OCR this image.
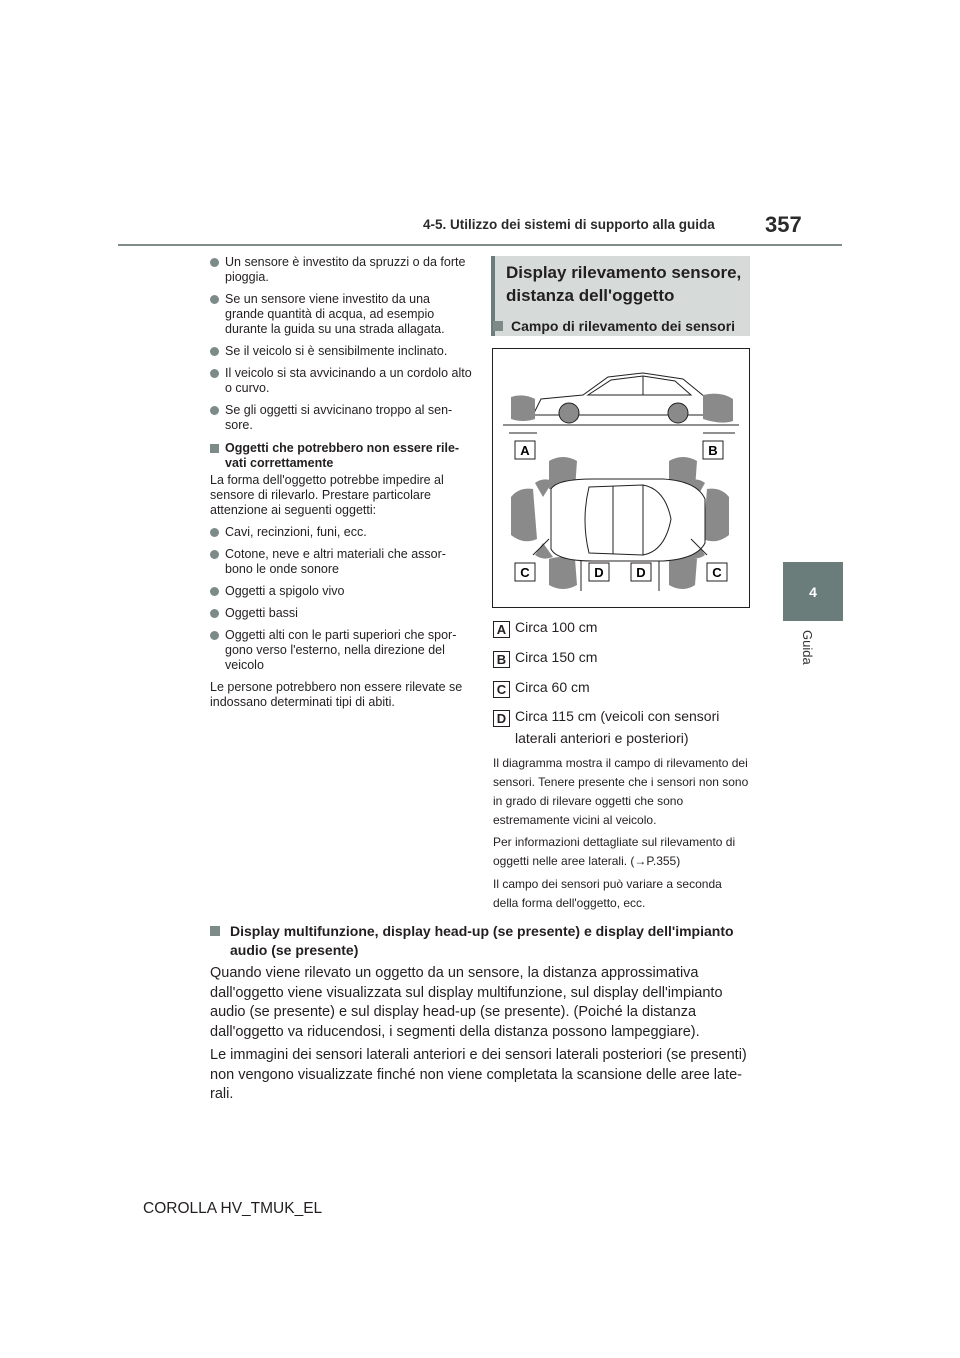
4-5. Utilizzo dei sistemi di supporto alla guida 357
4
Guida
Un sensore è investito da spruzzi o da forte pioggia.
Se un sensore viene investito da una grande quantità di acqua, ad esempio durante la guida su una strada allagata.
Se il veicolo si è sensibilmente inclinato.
Il veicolo si sta avvicinando a un cordolo alto o curvo.
Se gli oggetti si avvicinano troppo al sen-sore.
Oggetti che potrebbero non essere rile-vati correttamente
La forma dell'oggetto potrebbe impedire al sensore di rilevarlo. Prestare particolare attenzione ai seguenti oggetti:
Cavi, recinzioni, funi, ecc.
Cotone, neve e altri materiali che assor-bono le onde sonore
Oggetti a spigolo vivo
Oggetti bassi
Oggetti alti con le parti superiori che spor-gono verso l'esterno, nella direzione del veicolo
Le persone potrebbero non essere rilevate se indossano determinati tipi di abiti.
Display rilevamento sensore, distanza dell'oggetto
Campo di rilevamento dei sensori
A	B
C	D	D	C
A Circa 100 cm
B Circa 150 cm
C Circa 60 cm
D Circa 115 cm (veicoli con sensori laterali anteriori e posteriori)
Il diagramma mostra il campo di rilevamento dei sensori. Tenere presente che i sensori non sono in grado di rilevare oggetti che sono estremamente vicini al veicolo.
Per informazioni dettagliate sul rilevamento di oggetti nelle aree laterali. (→P.355)
Il campo dei sensori può variare a seconda della forma dell'oggetto, ecc.
Display multifunzione, display head-up (se presente) e display dell'impianto audio (se presente)
Quando viene rilevato un oggetto da un sensore, la distanza approssimativa dall'oggetto viene visualizzata sul display multifunzione, sul display dell'impianto audio (se presente) e sul display head-up (se presente). (Poiché la distanza dall'oggetto va riducendosi, i segmenti della distanza possono lampeggiare).
Le immagini dei sensori laterali anteriori e dei sensori laterali posteriori (se presenti) non vengono visualizzate finché non viene completata la scansione delle aree late-rali.
COROLLA HV_TMUK_EL
